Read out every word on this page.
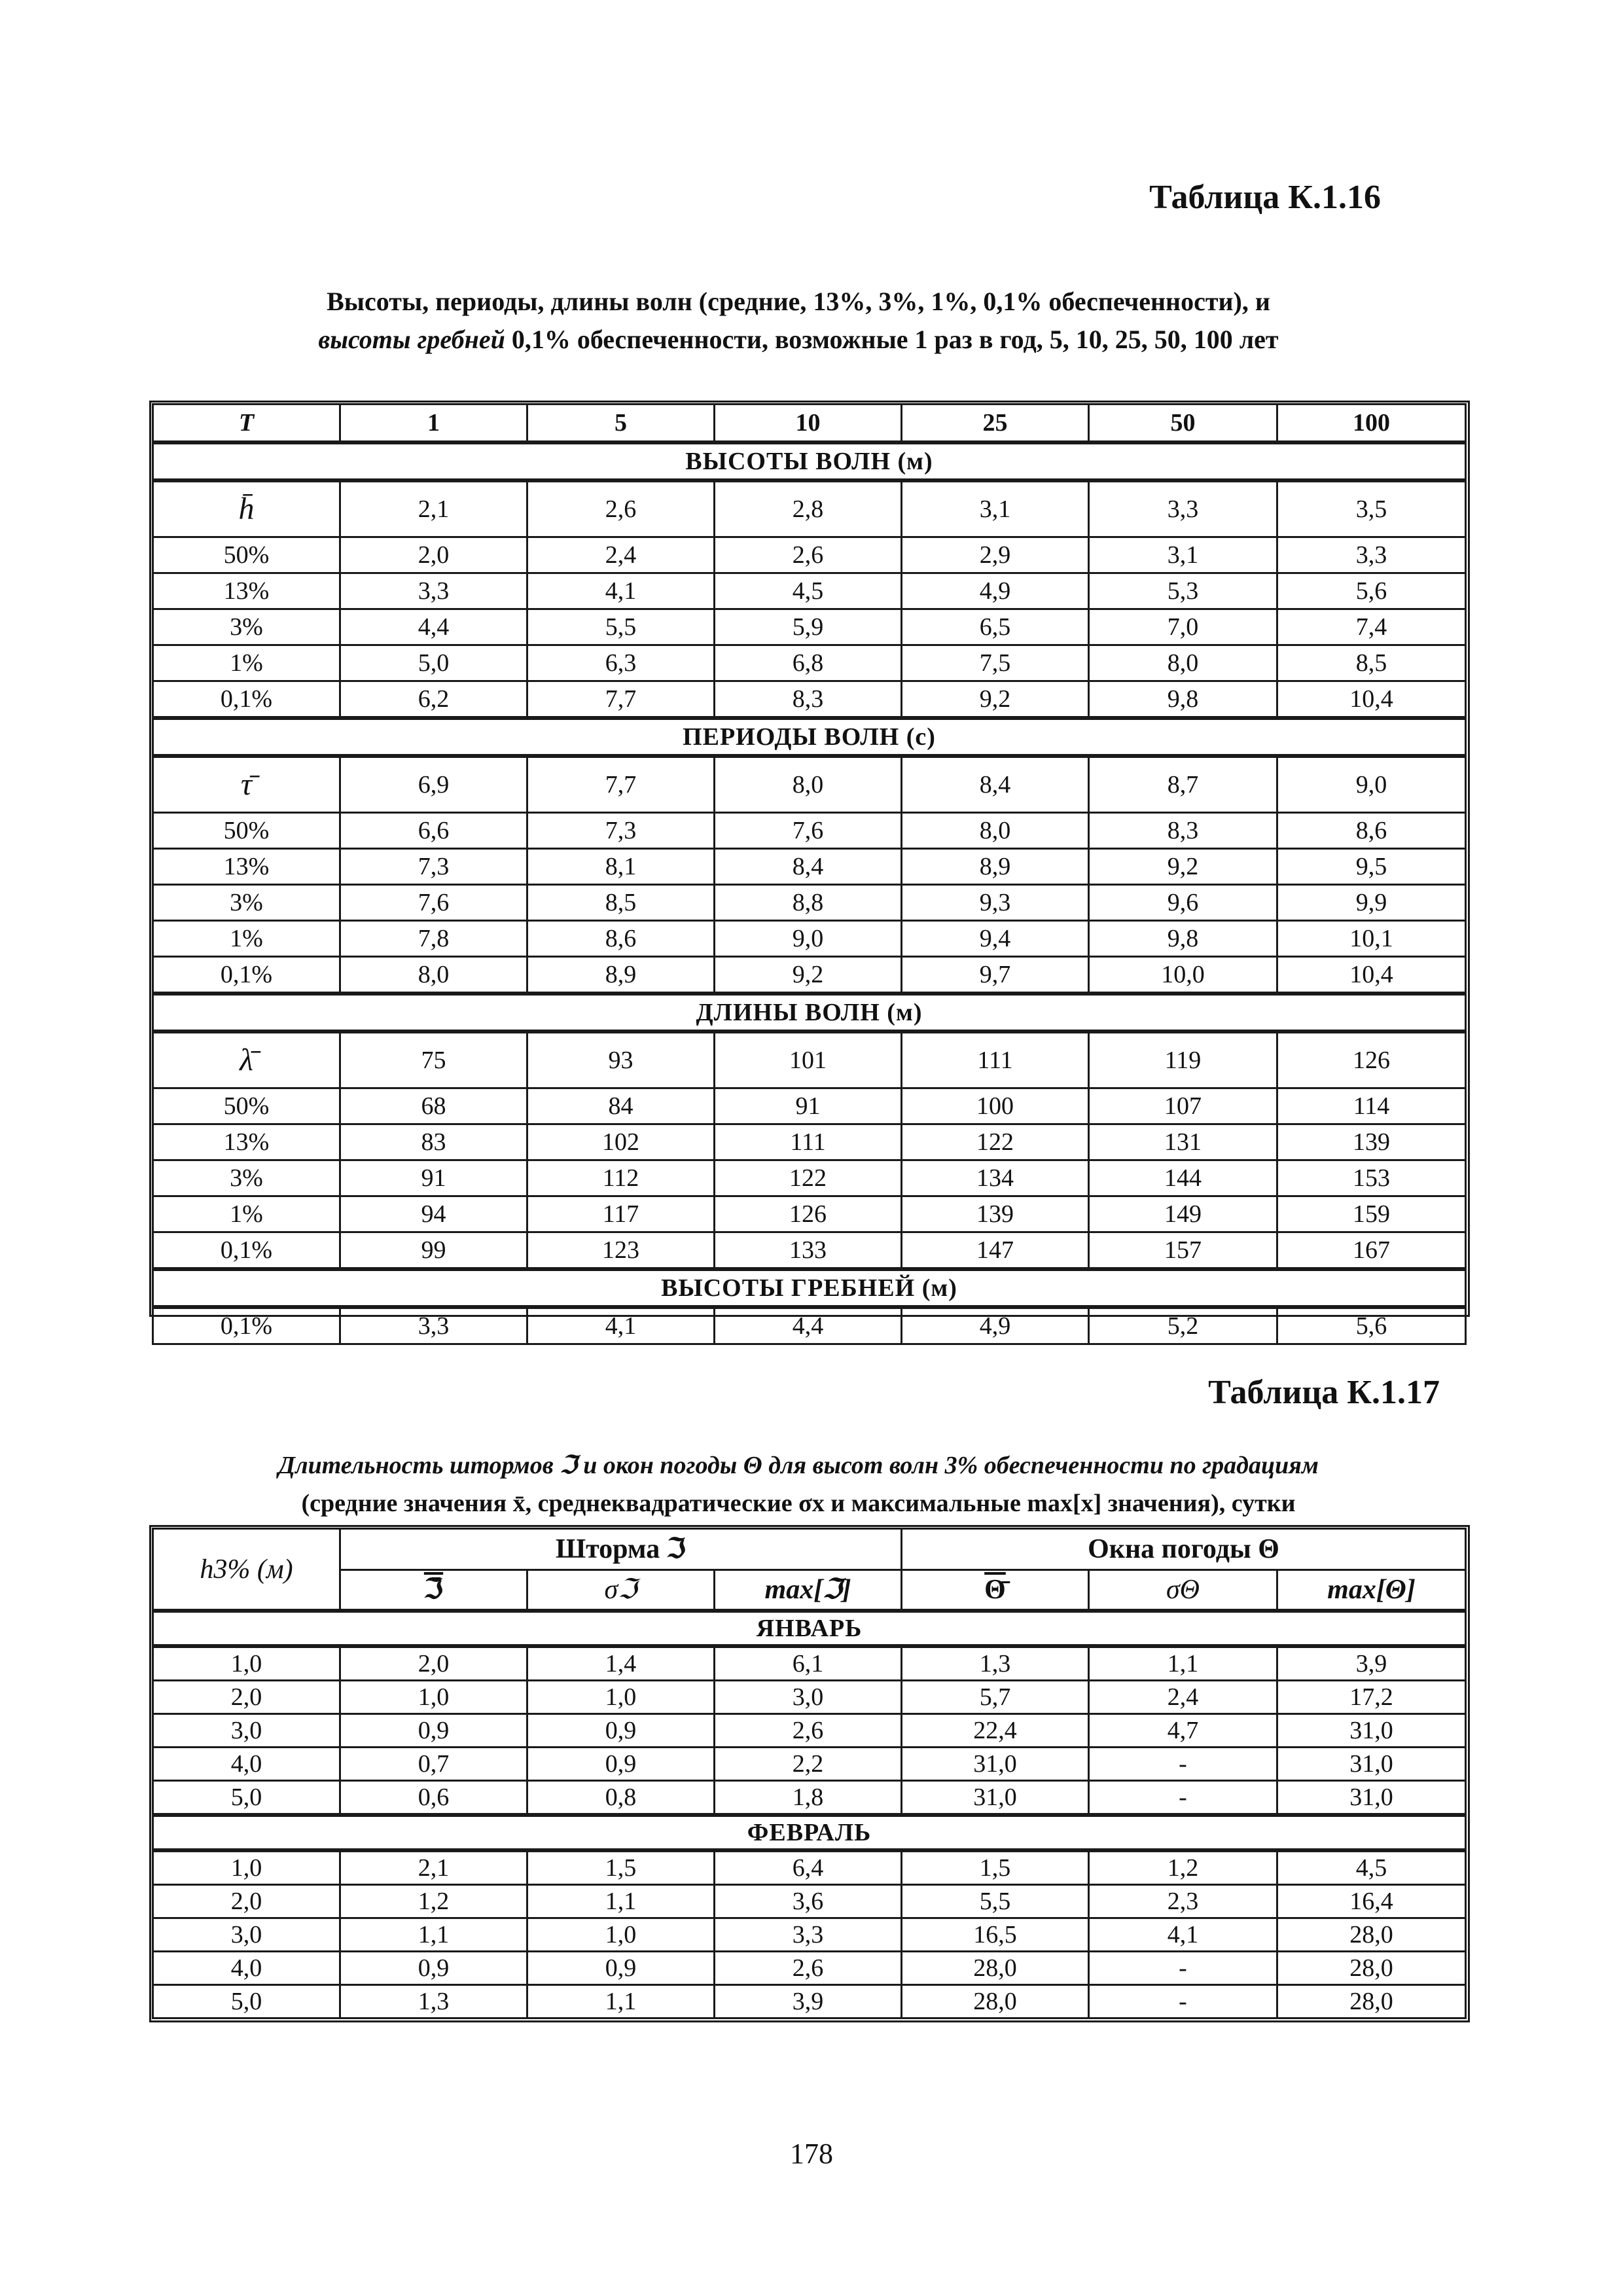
Таблица К.1.16
Высоты, периоды, длины волн (средние, 13%, 3%, 1%, 0,1% обеспеченности), и
высоты гребней 0,1% обеспеченности, возможные 1 раз в год, 5, 10, 25, 50, 100 лет
T	1	5	10	25	50	100
ВЫСОТЫ ВОЛН (м)						
h̄	2,1	2,6	2,8	3,1	3,3	3,5
50%	2,0	2,4	2,6	2,9	3,1	3,3
13%	3,3	4,1	4,5	4,9	5,3	5,6
3%	4,4	5,5	5,9	6,5	7,0	7,4
1%	5,0	6,3	6,8	7,5	8,0	8,5
0,1%	6,2	7,7	8,3	9,2	9,8	10,4
ПЕРИОДЫ ВОЛН (с)						
τ̄	6,9	7,7	8,0	8,4	8,7	9,0
50%	6,6	7,3	7,6	8,0	8,3	8,6
13%	7,3	8,1	8,4	8,9	9,2	9,5
3%	7,6	8,5	8,8	9,3	9,6	9,9
1%	7,8	8,6	9,0	9,4	9,8	10,1
0,1%	8,0	8,9	9,2	9,7	10,0	10,4
ДЛИНЫ ВОЛН (м)						
λ̄	75	93	101	111	119	126
50%	68	84	91	100	107	114
13%	83	102	111	122	131	139
3%	91	112	122	134	144	153
1%	94	117	126	139	149	159
0,1%	99	123	133	147	157	167
ВЫСОТЫ ГРЕБНЕЙ (м)						
0,1%	3,3	4,1	4,4	4,9	5,2	5,6
Таблица К.1.17
Длительность штормов ℑ и окон погоды Θ для высот волн 3% обеспеченности по градациям
(средние значения x̄, среднеквадратические σx и максимальные max[x] значения), сутки
h3% (м)	Шторма ℑ			Окна погоды Θ		
	ℑ̄	σℑ	max[ℑ]	Θ̄	σΘ	max[Θ]
ЯНВАРЬ						
1,0	2,0	1,4	6,1	1,3	1,1	3,9
2,0	1,0	1,0	3,0	5,7	2,4	17,2
3,0	0,9	0,9	2,6	22,4	4,7	31,0
4,0	0,7	0,9	2,2	31,0	-	31,0
5,0	0,6	0,8	1,8	31,0	-	31,0
ФЕВРАЛЬ						
1,0	2,1	1,5	6,4	1,5	1,2	4,5
2,0	1,2	1,1	3,6	5,5	2,3	16,4
3,0	1,1	1,0	3,3	16,5	4,1	28,0
4,0	0,9	0,9	2,6	28,0	-	28,0
5,0	1,3	1,1	3,9	28,0	-	28,0
178
